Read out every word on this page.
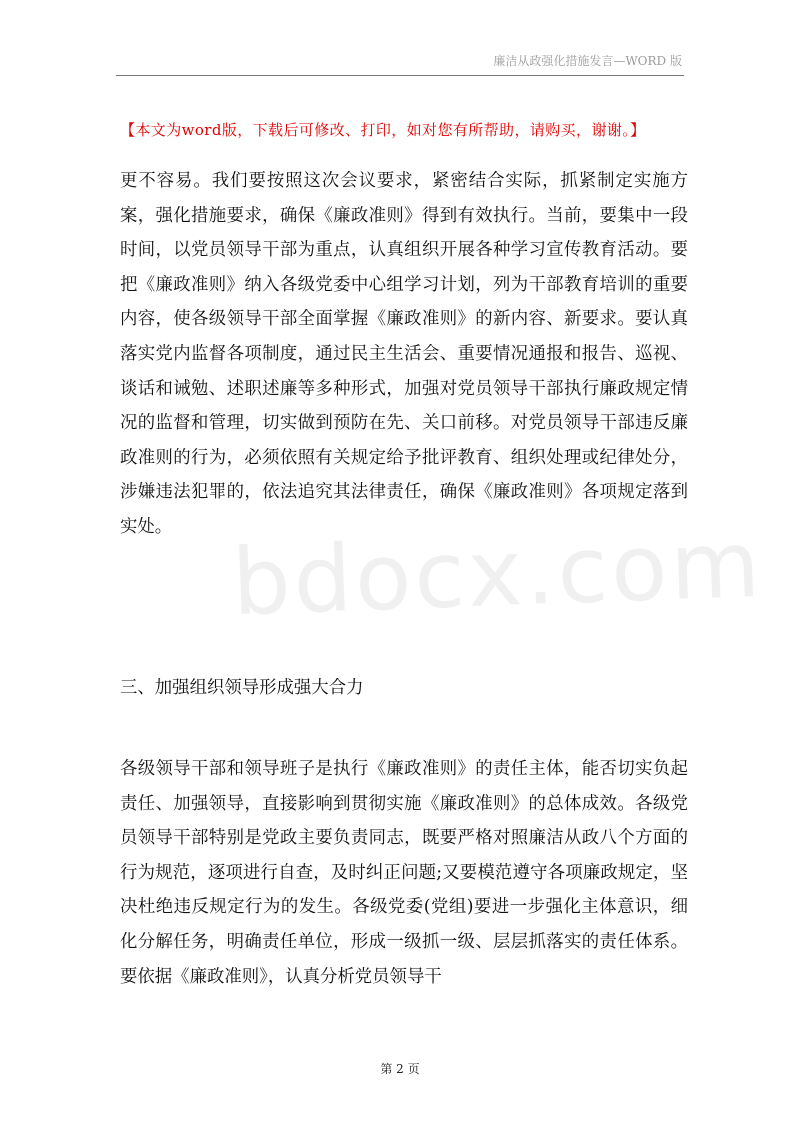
廉洁从政强化措施发言—WORD 版
【本文为word版，下载后可修改、打印，如对您有所帮助，请购买，谢谢。】

更不容易。我们要按照这次会议要求，紧密结合实际，抓紧制定实施方案，强化措施要求，确保《廉政准则》得到有效执行。当前，要集中一段时间，以党员领导干部为重点，认真组织开展各种学习宣传教育活动。要把《廉政准则》纳入各级党委中心组学习计划，列为干部教育培训的重要内容，使各级领导干部全面掌握《廉政准则》的新内容、新要求。要认真落实党内监督各项制度，通过民主生活会、重要情况通报和报告、巡视、谈话和诫勉、述职述廉等多种形式，加强对党员领导干部执行廉政规定情况的监督和管理，切实做到预防在先、关口前移。对党员领导干部违反廉政准则的行为，必须依照有关规定给予批评教育、组织处理或纪律处分，涉嫌违法犯罪的，依法追究其法律责任，确保《廉政准则》各项规定落到实处。

三、加强组织领导形成强大合力

各级领导干部和领导班子是执行《廉政准则》的责任主体，能否切实负起责任、加强领导，直接影响到贯彻实施《廉政准则》的总体成效。各级党员领导干部特别是党政主要负责同志，既要严格对照廉洁从政八个方面的行为规范，逐项进行自查，及时纠正问题;又要模范遵守各项廉政规定，坚决杜绝违反规定行为的发生。各级党委(党组)要进一步强化主体意识，细化分解任务，明确责任单位，形成一级抓一级、层层抓落实的责任体系。要依据《廉政准则》，认真分析党员领导干

bdocx.com
第 2 页
